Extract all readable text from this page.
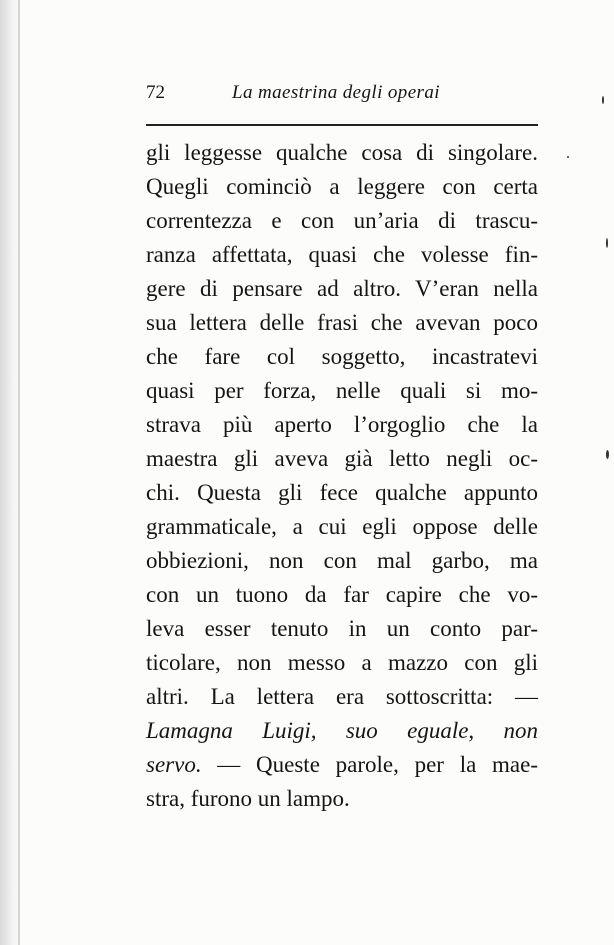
72	La maestrina degli operai
gli leggesse qualche cosa di singolare.
Quegli cominciò a leggere con certa
correntezza e con un’aria di trascu-
ranza affettata, quasi che volesse fin-
gere di pensare ad altro. V’eran nella
sua lettera delle frasi che avevan poco
che fare col soggetto, incastratevi
quasi per forza, nelle quali si mo-
strava più aperto l’orgoglio che la
maestra gli aveva già letto negli oc-
chi. Questa gli fece qualche appunto
grammaticale, a cui egli oppose delle
obbiezioni, non con mal garbo, ma
con un tuono da far capire che vo-
leva esser tenuto in un conto par-
ticolare, non messo a mazzo con gli
altri. La lettera era sottoscritta: —
Lamagna Luigi, suo eguale, non
servo. — Queste parole, per la mae-
stra, furono un lampo.
